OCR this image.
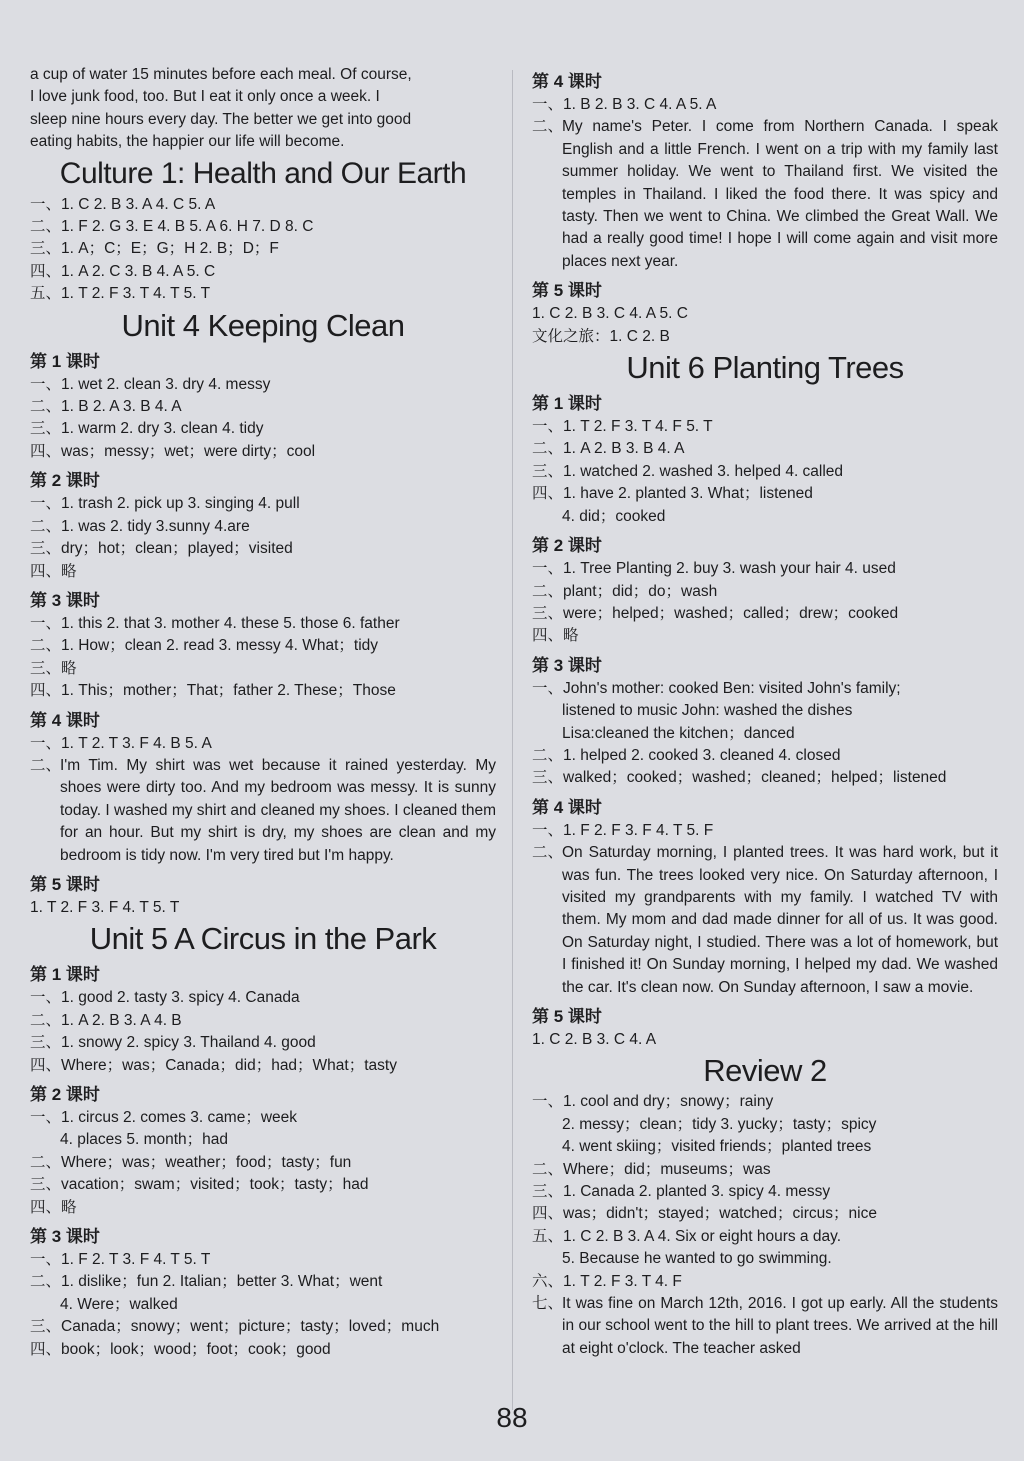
a cup of water 15 minutes before each meal. Of course,
I love junk food, too. But I eat it only once a week. I
sleep nine hours every day. The better we get into good
eating habits, the happier our life will become.
Culture 1: Health and Our Earth
一、1. C 2. B 3. A 4. C 5. A
二、1. F 2. G 3. E 4. B 5. A 6. H 7. D 8. C
三、1. A；C；E；G；H 2. B；D；F
四、1. A 2. C 3. B 4. A 5. C
五、1. T 2. F 3. T 4. T 5. T
Unit 4 Keeping Clean
第 1 课时
一、1. wet 2. clean 3. dry 4. messy
二、1. B 2. A 3. B 4. A
三、1. warm 2. dry 3. clean 4. tidy
四、was；messy；wet；were dirty；cool
第 2 课时
一、1. trash 2. pick up 3. singing 4. pull
二、1. was 2. tidy 3.sunny 4.are
三、dry；hot；clean；played；visited
四、略
第 3 课时
一、1. this 2. that 3. mother 4. these 5. those 6. father
二、1. How；clean 2. read 3. messy 4. What；tidy
三、略
四、1. This；mother；That；father 2. These；Those
第 4 课时
一、1. T 2. T 3. F 4. B 5. A
二、I'm Tim. My shirt was wet because it rained yesterday. My shoes were dirty too. And my bedroom was messy. It is sunny today. I washed my shirt and cleaned my shoes. I cleaned them for an hour. But my shirt is dry, my shoes are clean and my bedroom is tidy now. I'm very tired but I'm happy.
第 5 课时
1. T 2. F 3. F 4. T 5. T
Unit 5 A Circus in the Park
第 1 课时
一、1. good 2. tasty 3. spicy 4. Canada
二、1. A 2. B 3. A 4. B
三、1. snowy 2. spicy 3. Thailand 4. good
四、Where；was；Canada；did；had；What；tasty
第 2 课时
一、1. circus 2. comes 3. came；week
4. places 5. month；had
二、Where；was；weather；food；tasty；fun
三、vacation；swam；visited；took；tasty；had
四、略
第 3 课时
一、1. F 2. T 3. F 4. T 5. T
二、1. dislike；fun 2. Italian；better 3. What；went
4. Were；walked
三、Canada；snowy；went；picture；tasty；loved；much
四、book；look；wood；foot；cook；good
第 4 课时
一、1. B 2. B 3. C 4. A 5. A
二、My name's Peter. I come from Northern Canada. I speak English and a little French. I went on a trip with my family last summer holiday. We went to Thailand first. We visited the temples in Thailand. I liked the food there. It was spicy and tasty. Then we went to China. We climbed the Great Wall. We had a really good time! I hope I will come again and visit more places next year.
第 5 课时
1. C 2. B 3. C 4. A 5. C
文化之旅：1. C 2. B
Unit 6 Planting Trees
第 1 课时
一、1. T 2. F 3. T 4. F 5. T
二、1. A 2. B 3. B 4. A
三、1. watched 2. washed 3. helped 4. called
四、1. have 2. planted 3. What；listened
4. did；cooked
第 2 课时
一、1. Tree Planting 2. buy 3. wash your hair 4. used
二、plant；did；do；wash
三、were；helped；washed；called；drew；cooked
四、略
第 3 课时
一、John's mother: cooked Ben: visited John's family;
listened to music John: washed the dishes
Lisa:cleaned the kitchen；danced
二、1. helped 2. cooked 3. cleaned 4. closed
三、walked；cooked；washed；cleaned；helped；listened
第 4 课时
一、1. F 2. F 3. F 4. T 5. F
二、On Saturday morning, I planted trees. It was hard work, but it was fun. The trees looked very nice. On Saturday afternoon, I visited my grandparents with my family. I watched TV with them. My mom and dad made dinner for all of us. It was good. On Saturday night, I studied. There was a lot of homework, but I finished it! On Sunday morning, I helped my dad. We washed the car. It's clean now. On Sunday afternoon, I saw a movie.
第 5 课时
1. C 2. B 3. C 4. A
Review 2
一、1. cool and dry；snowy；rainy
2. messy；clean；tidy 3. yucky；tasty；spicy
4. went skiing；visited friends；planted trees
二、Where；did；museums；was
三、1. Canada 2. planted 3. spicy 4. messy
四、was；didn't；stayed；watched；circus；nice
五、1. C 2. B 3. A 4. Six or eight hours a day.
5. Because he wanted to go swimming.
六、1. T 2. F 3. T 4. F
七、It was fine on March 12th, 2016. I got up early. All the students in our school went to the hill to plant trees. We arrived at the hill at eight o'clock. The teacher asked
88
